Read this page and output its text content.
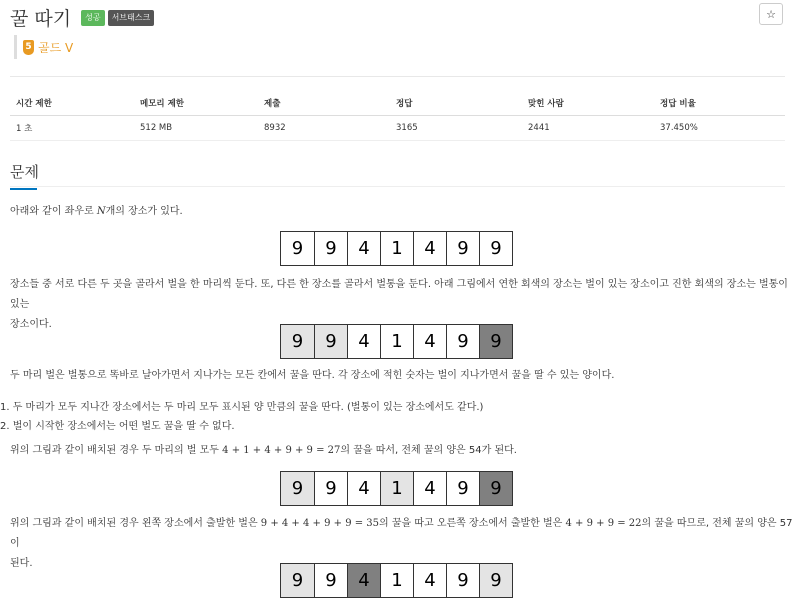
꿀 따기	성공	서브태스크	☆
5 골드 V
시간 제한	메모리 제한	제출	정답	맞힌 사람	정답 비율
1 초	512 MB	8932	3165	2441	37.450%
문제
아래와 같이 좌우로 N개의 장소가 있다.
9	9	4	1	4	9	9
장소들 중 서로 다른 두 곳을 골라서 벌을 한 마리씩 둔다. 또, 다른 한 장소를 골라서 벌통을 둔다. 아래 그림에서 연한 회색의 장소는 벌이 있는 장소이고 진한 회색의 장소는 벌통이 있는
장소이다.
9	9	4	1	4	9	9
두 마리 벌은 벌통으로 똑바로 날아가면서 지나가는 모든 칸에서 꿀을 딴다. 각 장소에 적힌 숫자는 벌이 지나가면서 꿀을 딸 수 있는 양이다.
1. 두 마리가 모두 지나간 장소에서는 두 마리 모두 표시된 양 만큼의 꿀을 딴다. (벌통이 있는 장소에서도 같다.)
2. 벌이 시작한 장소에서는 어떤 벌도 꿀을 딸 수 없다.
위의 그림과 같이 배치된 경우 두 마리의 벌 모두 4 + 1 + 4 + 9 + 9 = 27의 꿀을 따서, 전체 꿀의 양은 54가 된다.
9	9	4	1	4	9	9
위의 그림과 같이 배치된 경우 왼쪽 장소에서 출발한 벌은 9 + 4 + 4 + 9 + 9 = 35의 꿀을 따고 오른쪽 장소에서 출발한 벌은 4 + 9 + 9 = 22의 꿀을 따므로, 전체 꿀의 양은 57이
된다.
9	9	4	1	4	9	9
